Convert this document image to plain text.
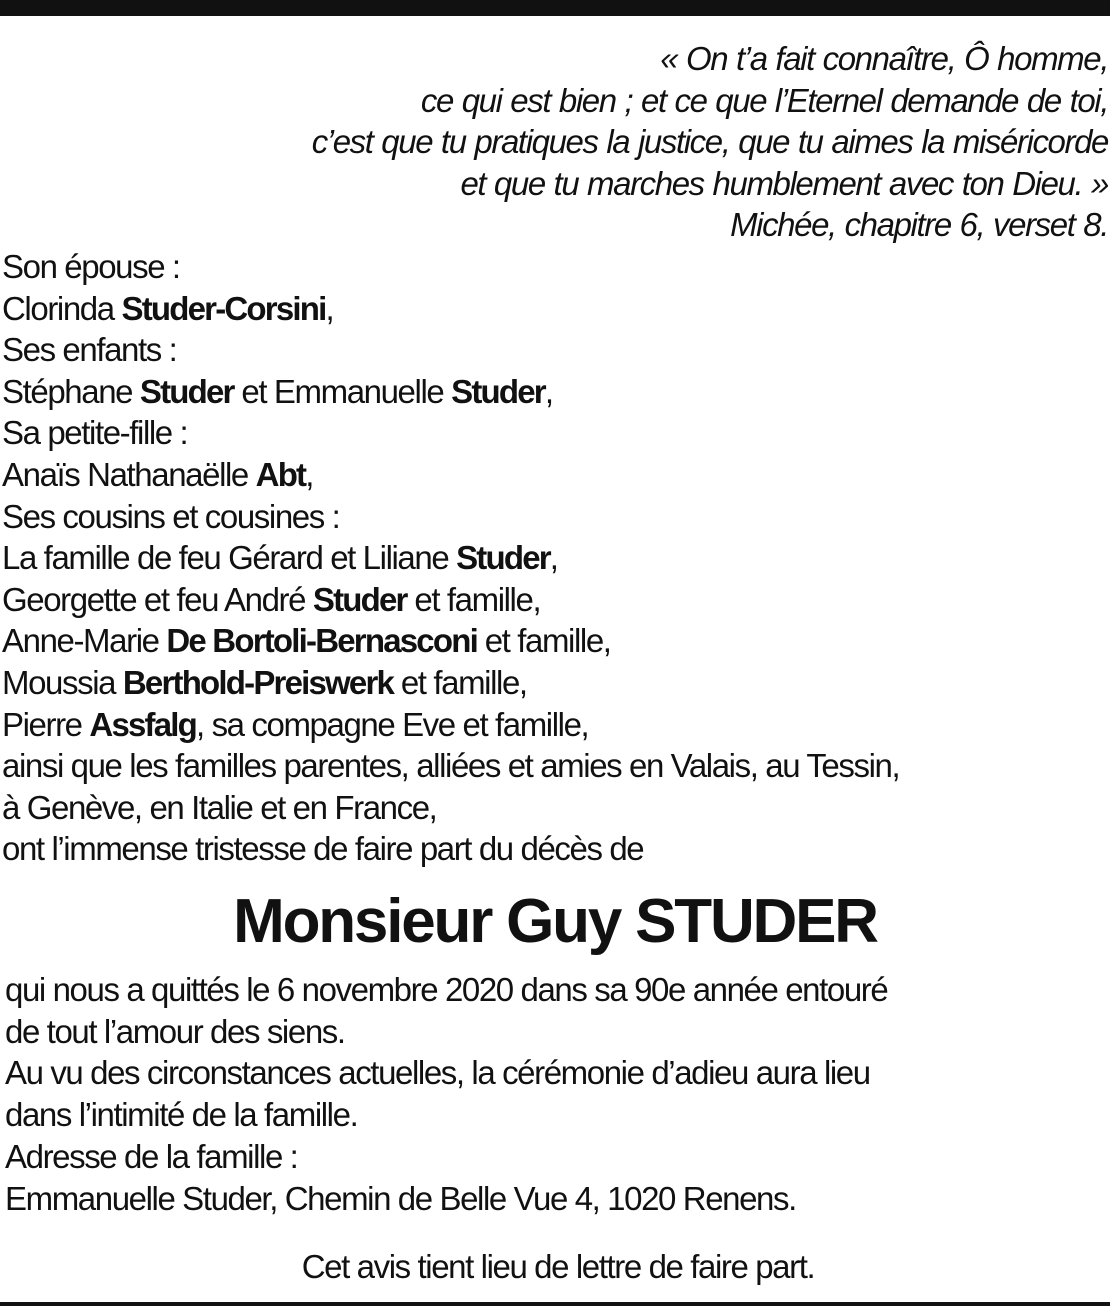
« On t’a fait connaître, Ô homme,
ce qui est bien ; et ce que l’Eternel demande de toi,
c’est que tu pratiques la justice, que tu aimes la miséricorde
et que tu marches humblement avec ton Dieu. »
Michée, chapitre 6, verset 8.
Son épouse :
Clorinda Studer-Corsini,
Ses enfants :
Stéphane Studer et Emmanuelle Studer,
Sa petite-fille :
Anaïs Nathanaëlle Abt,
Ses cousins et cousines :
La famille de feu Gérard et Liliane Studer,
Georgette et feu André Studer et famille,
Anne-Marie De Bortoli-Bernasconi et famille,
Moussia Berthold-Preiswerk et famille,
Pierre Assfalg, sa compagne Eve et famille,
ainsi que les familles parentes, alliées et amies en Valais, au Tessin,
à Genève, en Italie et en France,
ont l’immense tristesse de faire part du décès de
Monsieur Guy STUDER
qui nous a quittés le 6 novembre 2020 dans sa 90e année entouré
de tout l’amour des siens.
Au vu des circonstances actuelles, la cérémonie d’adieu aura lieu
dans l’intimité de la famille.
Adresse de la famille :
Emmanuelle Studer, Chemin de Belle Vue 4, 1020 Renens.
Cet avis tient lieu de lettre de faire part.
